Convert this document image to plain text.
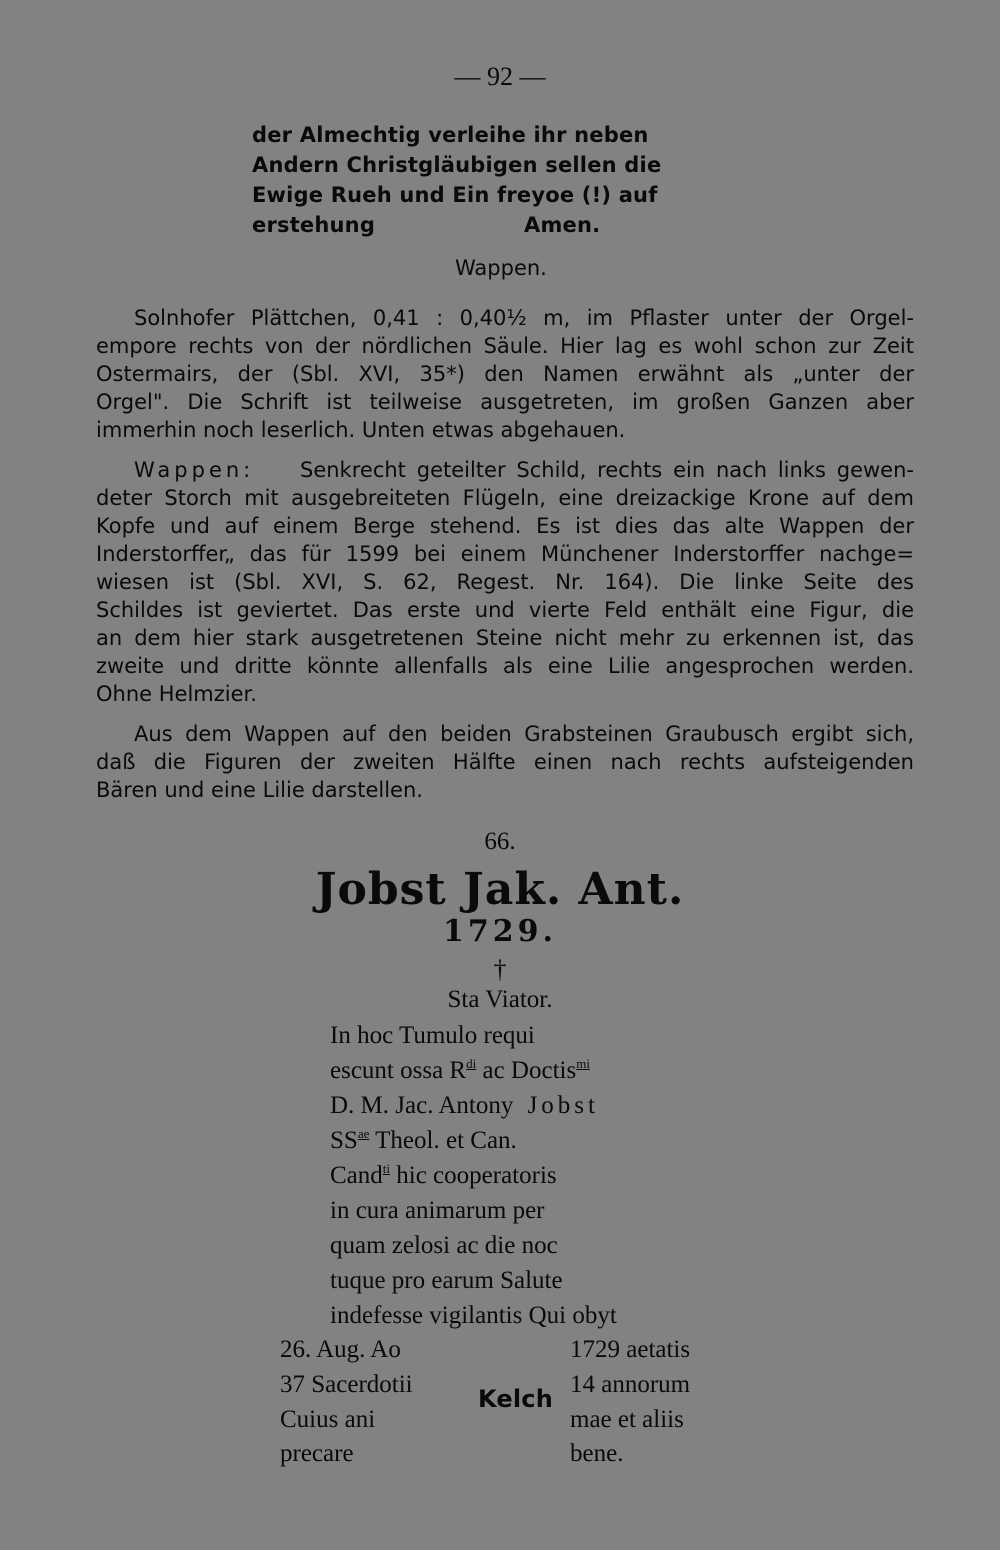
— 92 —
der Almechtig verleihe ihr neben
Andern Christgläubigen sellen die
Ewige Rueh und Ein freyoe (!) auf
erstehung	Amen.
Wappen.
Solnhofer Plättchen, 0,41 : 0,40½ m, im Pflaster unter der Orgel-
empore rechts von der nördlichen Säule. Hier lag es wohl schon zur Zeit
Ostermairs, der (Sbl. XVI, 35*) den Namen erwähnt als „unter der
Orgel". Die Schrift ist teilweise ausgetreten, im großen Ganzen aber
immerhin noch leserlich. Unten etwas abgehauen.
Wappen: Senkrecht geteilter Schild, rechts ein nach links gewen-
deter Storch mit ausgebreiteten Flügeln, eine dreizackige Krone auf dem
Kopfe und auf einem Berge stehend. Es ist dies das alte Wappen der
Inderstorffer„ das für 1599 bei einem Münchener Inderstorffer nachge=
wiesen ist (Sbl. XVI, S. 62, Regest. Nr. 164). Die linke Seite des
Schildes ist geviertet. Das erste und vierte Feld enthält eine Figur, die
an dem hier stark ausgetretenen Steine nicht mehr zu erkennen ist, das
zweite und dritte könnte allenfalls als eine Lilie angesprochen werden.
Ohne Helmzier.
Aus dem Wappen auf den beiden Grabsteinen Graubusch ergibt sich,
daß die Figuren der zweiten Hälfte einen nach rechts aufsteigenden
Bären und eine Lilie darstellen.
66.
Jobst Jak. Ant.
1729.
†
Sta Viator.
In hoc Tumulo requi
escunt ossa $R^{di}$ ac Doctis$^{mi}$
D. M. Jac. Antony Jobst
$SS^{ae}$ Theol. et Can.
Cand$^{ti}$ hic cooperatoris
in cura animarum per
quam zelosi ac die noc
tuque pro earum Salute
indefesse vigilantis Qui obyt
26. Aug. Ao
37 Sacerdotii
Cuius ani
precare
Kelch
1729 aetatis
14 annorum
mae et aliis
bene.
